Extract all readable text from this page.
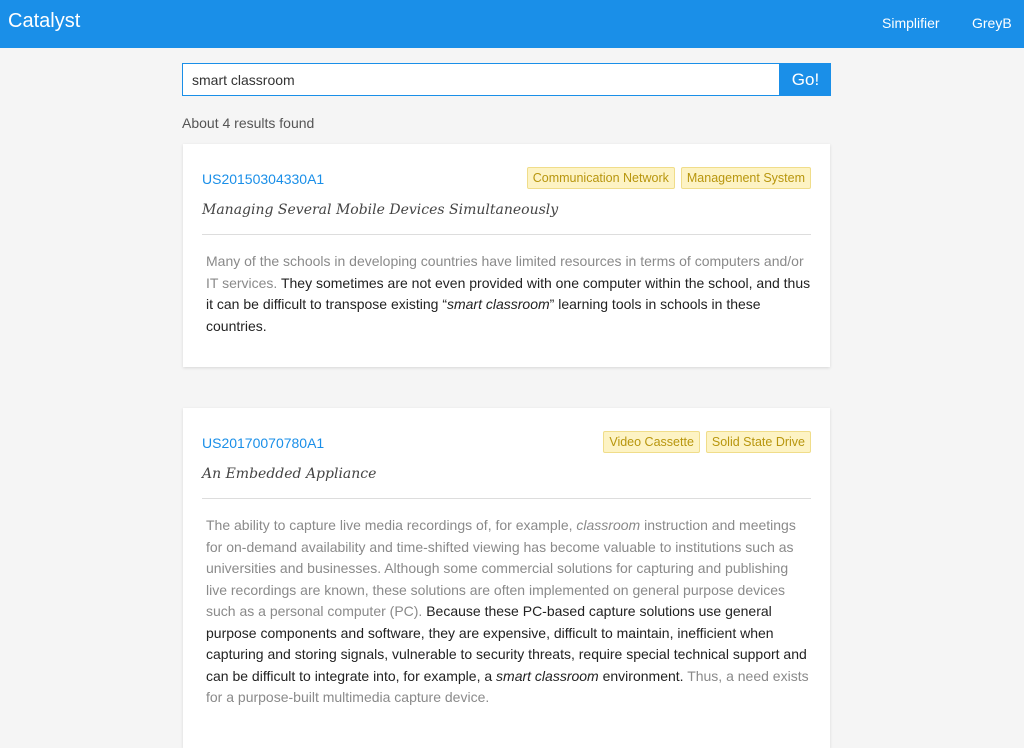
Catalyst	Simplifier GreyB
smart classroom
Go!
About 4 results found
US20150304330A1	Communication Network	Management System
Managing Several Mobile Devices Simultaneously
Many of the schools in developing countries have limited resources in terms of computers and/or IT services. They sometimes are not even provided with one computer within the school, and thus it can be difficult to transpose existing “smart classroom” learning tools in schools in these countries.
US20170070780A1	Video Cassette	Solid State Drive
An Embedded Appliance
The ability to capture live media recordings of, for example, classroom instruction and meetings for on-demand availability and time-shifted viewing has become valuable to institutions such as universities and businesses. Although some commercial solutions for capturing and publishing live recordings are known, these solutions are often implemented on general purpose devices such as a personal computer (PC). Because these PC-based capture solutions use general purpose components and software, they are expensive, difficult to maintain, inefficient when capturing and storing signals, vulnerable to security threats, require special technical support and can be difficult to integrate into, for example, a smart classroom environment. Thus, a need exists for a purpose-built multimedia capture device.
